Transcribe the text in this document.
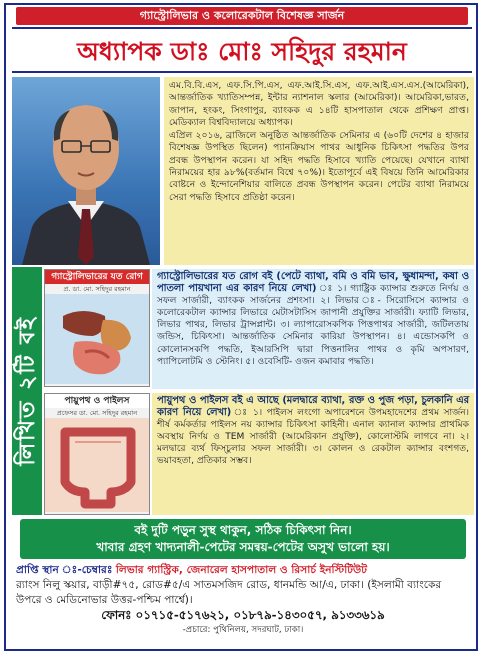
গ্যাস্ট্রোলিভার ও কলোরেকটাল বিশেষজ্ঞ সার্জন
অধ্যাপক ডাঃ মোঃ সহিদুর রহমান

এম.বি.বি.এস, এফ.সি.পি.এস, এফ.আই.সি.এস, এফ.আই.এস.এস.(আমেরিকা), আন্তর্জাতিক খ্যাতিসম্পন্ন, ইন্টার ন্যাশনাল স্কলার (আমেরিকা)। আমেরিকা,ভারত, জাপান, হংকং, সিংগাপুর, ব্যাংকক এ ১৪টি হাসপাতাল থেকে প্রশিক্ষণ প্রাপ্ত। মেডিক্যাল বিশ্ববিদ্যালয়ে অধ্যাপক।

এপ্রিল ২০১৬, ব্রাজিলে অনুষ্ঠিত আন্তর্জাতিক সেমিনার এ (৬০টি দেশের ৪ হাজার বিশেষজ্ঞ উপস্থিত ছিলেন) প্যানক্রিয়াস পাথর আধুনিক চিকিৎসা পদ্ধতির উপর প্রবন্ধ উপস্থাপন করেন। যা সহিদ পদ্ধতি হিসাবে খ্যাতি পেয়েছে। যেখানে ব্যাথা নিরাময়ের হার ৯৮%(বর্তমান বিশ্বে ৭০%)। ইতোপূর্বে এই বিষয়ে তিনি আমেরিকার বোষ্টনে ও ইন্দোনেশিয়ার বালিতে প্রবন্ধ উপস্থাপন করেন। পেটের ব্যাথা নিরাময়ে সেরা পদ্ধতি হিসাবে প্রতিষ্ঠা করেন।

লিখিত ২টি বই
গ্যাস্ট্রোলিভারের যত রোগ
প্র. ডা. মো. সহিদুর রহমান
পায়ুপথ ও পাইলস
প্রফেসর ডা. মো. সহিদুর রহমান
গ্যাস্ট্রোলিভারের যত রোগ বই (পেটে ব্যাথা, বমি ও বমি ভাব, ক্ষুধামন্দা, কষা ও পাতলা পায়খানা এর কারণ নিয়ে লেখা) ঃ ১। গ্যাষ্ট্রিক ক্যান্সার শুরুতে নির্ণয় ও সফল সার্জারী, ব্যাংকক সার্জনের প্রশংসা। ২। লিভার ঃ- সিরোসিসে ক্যান্সার ও কলোরেকটাল ক্যান্সার লিভারে মেটাসটাসিস জাপানী প্রযুক্তির সার্জারী। ফ্যাটি লিভার, লিভার পাথর, লিভার ট্রান্সপ্লান্ট। ৩। ল্যাপারোসকপিক পিত্তপাথর সার্জারী, জটিলতায় জন্ডিস, চিকিৎসা। আন্তর্জাতিক সেমিনার কারিয়া উপস্থাপন। ৪। এন্ডোসকপি ও কোলোনসকপি পদ্ধতি, ইআরসিপি দ্বারা পিত্তনালির পাথর ও কৃমি অপসারণ, প্যাপিলোটমি ও স্টেনিং। ৫। ওবেসিটি- ওজন কমাবার পদ্ধতি।
পায়ুপথ ও পাইলস বই এ আছে (মলদ্বারে ব্যাথা, রক্ত ও পুজ পড়া, চুলকানি এর কারণ নিয়ে লেখা) ঃ ১। পাইলস লংগো অপারেশনে উপমহাদেশের প্রথম সার্জন। শীর্ষ কর্মকর্তার পাইলস নয় ক্যান্সার চিকিৎসা কাহিনী। এনাল ক্যানাল ক্যান্সার প্রাথমিক অবস্থায় নির্ণয় ও TEM সার্জারী (আমেরিকান প্রযুক্তি), কোলোস্টমি লাগবে না। ২। মলদ্বারে ব্যর্থ ফিস্চুলার সফল সার্জারী। ৩। কোলন ও রেকটাল ক্যান্সার বংশগত, ভয়াবহতা, প্রতিকার সম্ভব।
বই দুটি পড়ুন সুস্থ থাকুন, সঠিক চিকিৎসা নিন।
খাবার গ্রহণ খাদ্যনালী-পেটের সমন্বয়-পেটের অসুখ ভালো হয়।
প্রাপ্তি স্থান ঃ-চেম্বারঃ লিভার গ্যাস্ট্রিক, জেনারেল হাসপাতাল ও রিসার্চ ইনস্টিটিউট
র‍্যাংস নিলু স্কয়ার, বাড়ী#৭৫, রোড#৫/এ সাতমসজিদ রোড, ধানমন্ডি আ/এ, ঢাকা। (ইসলামী ব্যাংকের উপরে ও মেডিনোভার উত্তর-পশ্চিম পার্শ্বে)।
ফোনঃ ০১৭১৫-৫১৭৬২১, ০১৮৭৯-১৪৩০৫৭, ৯১৩৩৬১৯
-প্রচারে: পুথিনিলয়, সদরঘাট, ঢাকা।
